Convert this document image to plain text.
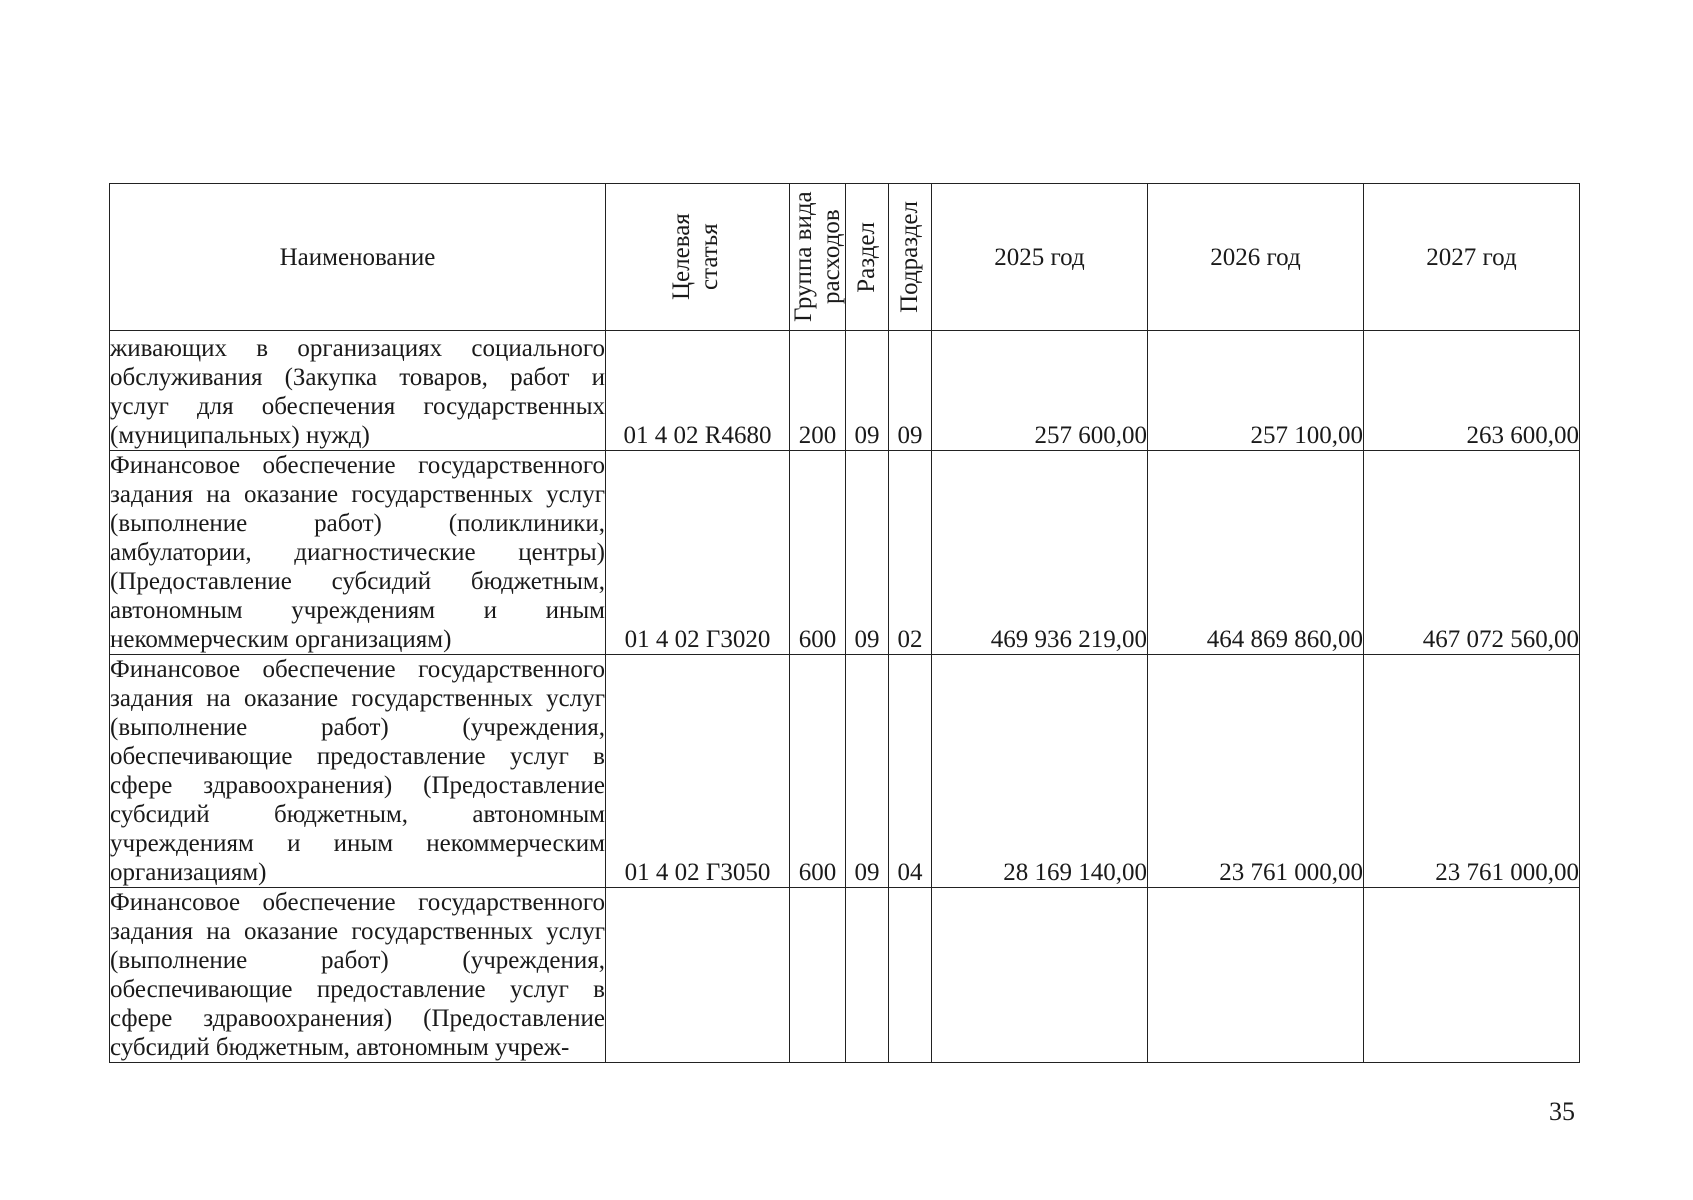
Наименование	Целевая статья	Группа вида расходов	Раздел	Подраздел	2025 год	2026 год	2027 год
живающих в организациях социального обслуживания (Закупка товаров, работ и услуг для обеспечения государственных (муниципальных) нужд)	01 4 02 R4680	200	09	09	257 600,00	257 100,00	263 600,00
Финансовое обеспечение государственного задания на оказание государственных услуг (выполнение работ) (поликлиники, амбулатории, диагностические центры) (Предоставление субсидий бюджетным, автономным учреждениям и иным некоммерческим организациям)	01 4 02 Г3020	600	09	02	469 936 219,00	464 869 860,00	467 072 560,00
Финансовое обеспечение государственного задания на оказание государственных услуг (выполнение работ) (учреждения, обеспечивающие предоставление услуг в сфере здравоохранения) (Предоставление субсидий бюджетным, автономным учреждениям и иным некоммерческим организациям)	01 4 02 Г3050	600	09	04	28 169 140,00	23 761 000,00	23 761 000,00
Финансовое обеспечение государственного задания на оказание государственных услуг (выполнение работ) (учреждения, обеспечивающие предоставление услуг в сфере здравоохранения) (Предоставление субсидий бюджетным, автономным учреж-							
35
